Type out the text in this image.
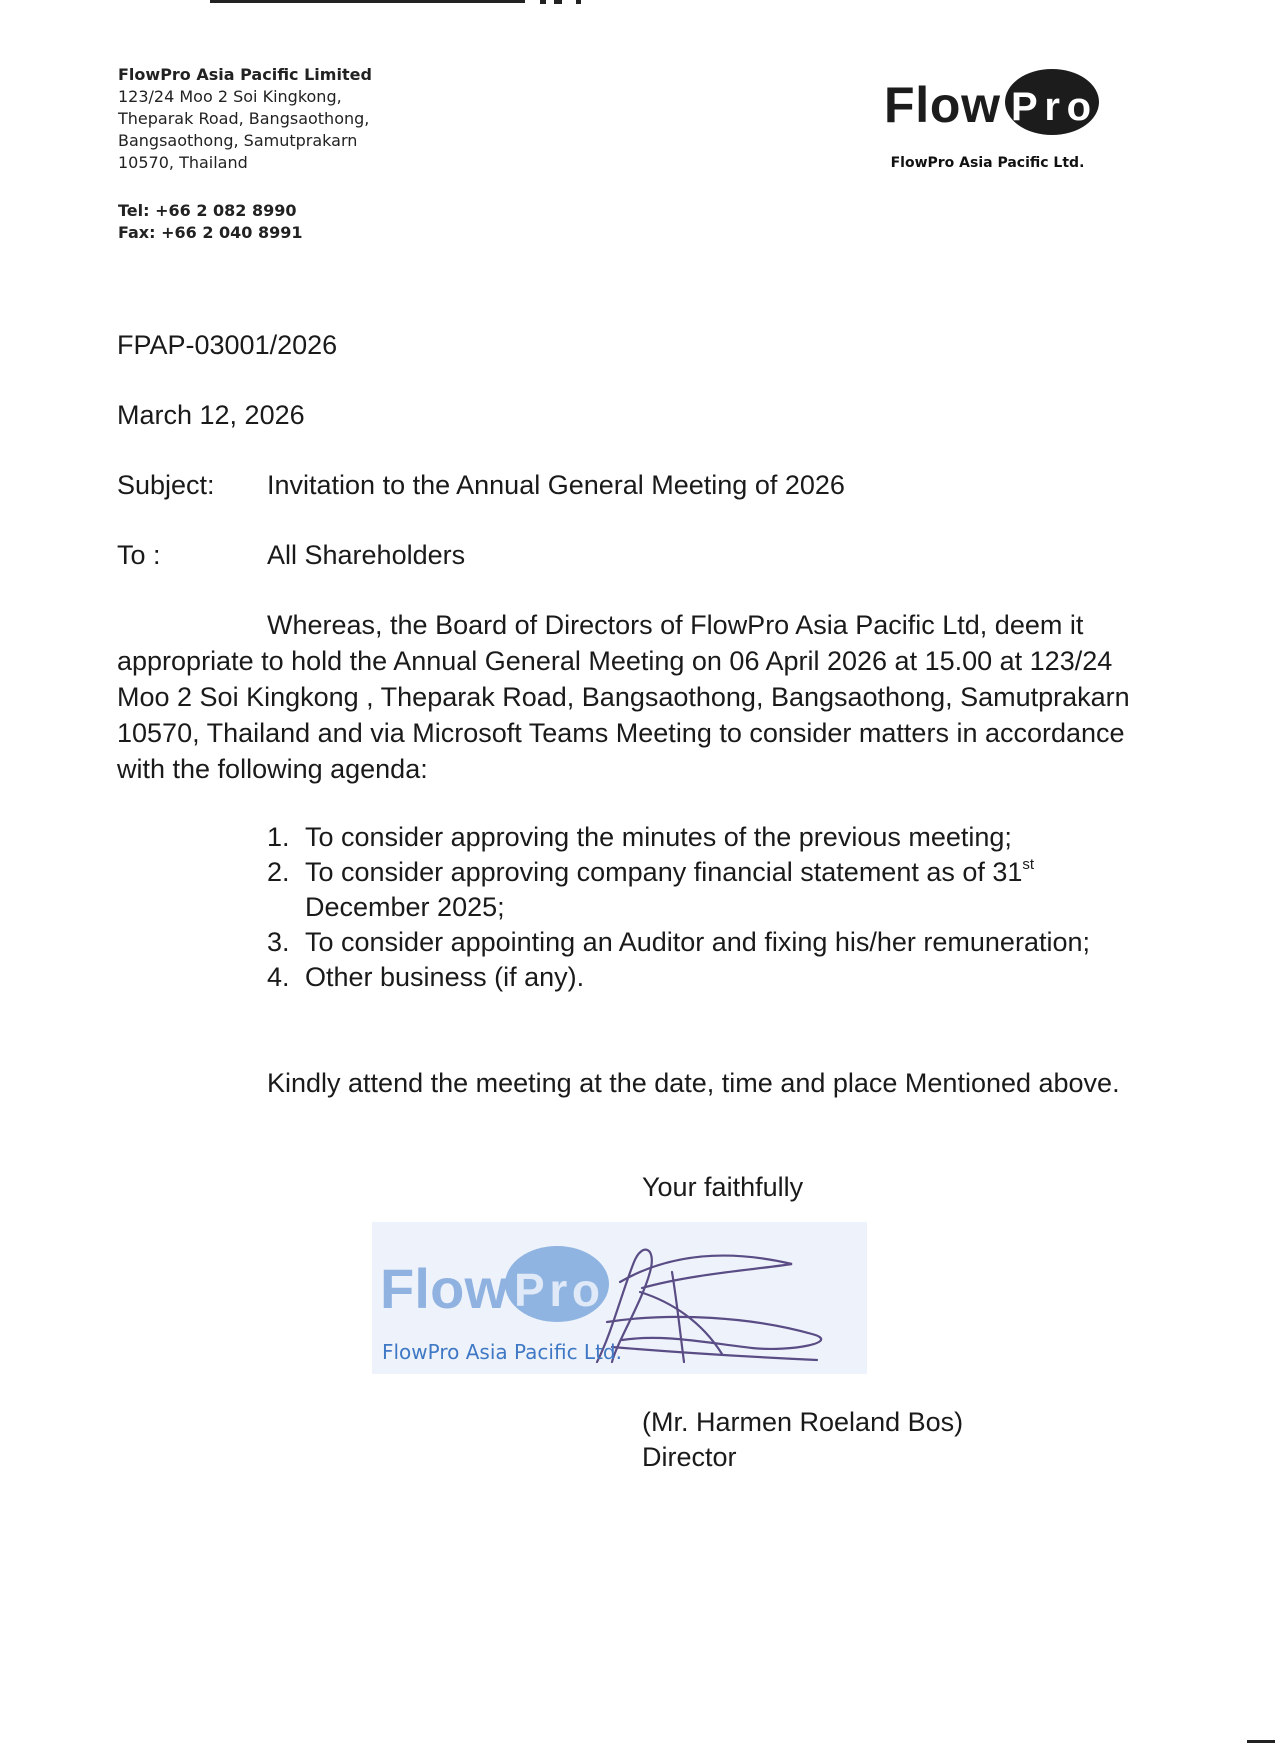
FlowPro Asia Pacific Limited
123/24 Moo 2 Soi Kingkong,
Theparak Road, Bangsaothong,
Bangsaothong, Samutprakarn
10570, Thailand
Tel: +66 2 082 8990
Fax: +66 2 040 8991
Flow Pro
FlowPro Asia Pacific Ltd.
FPAP-03001/2026
March 12, 2026
Subject: Invitation to the Annual General Meeting of 2026
To :	All Shareholders
Whereas, the Board of Directors of FlowPro Asia Pacific Ltd, deem it appropriate to hold the Annual General Meeting on 06 April 2026 at 15.00 at 123/24 Moo 2 Soi Kingkong , Theparak Road, Bangsaothong, Bangsaothong, Samutprakarn 10570, Thailand and via Microsoft Teams Meeting to consider matters in accordance with the following agenda:
1. To consider approving the minutes of the previous meeting;
2. To consider approving company financial statement as of 31st
December 2025;
3. To consider appointing an Auditor and fixing his/her remuneration;
4. Other business (if any).
Kindly attend the meeting at the date, time and place Mentioned above.
Your faithfully
Flow Pro
FlowPro Asia Pacific Ltd.
(Mr. Harmen Roeland Bos)
Director
